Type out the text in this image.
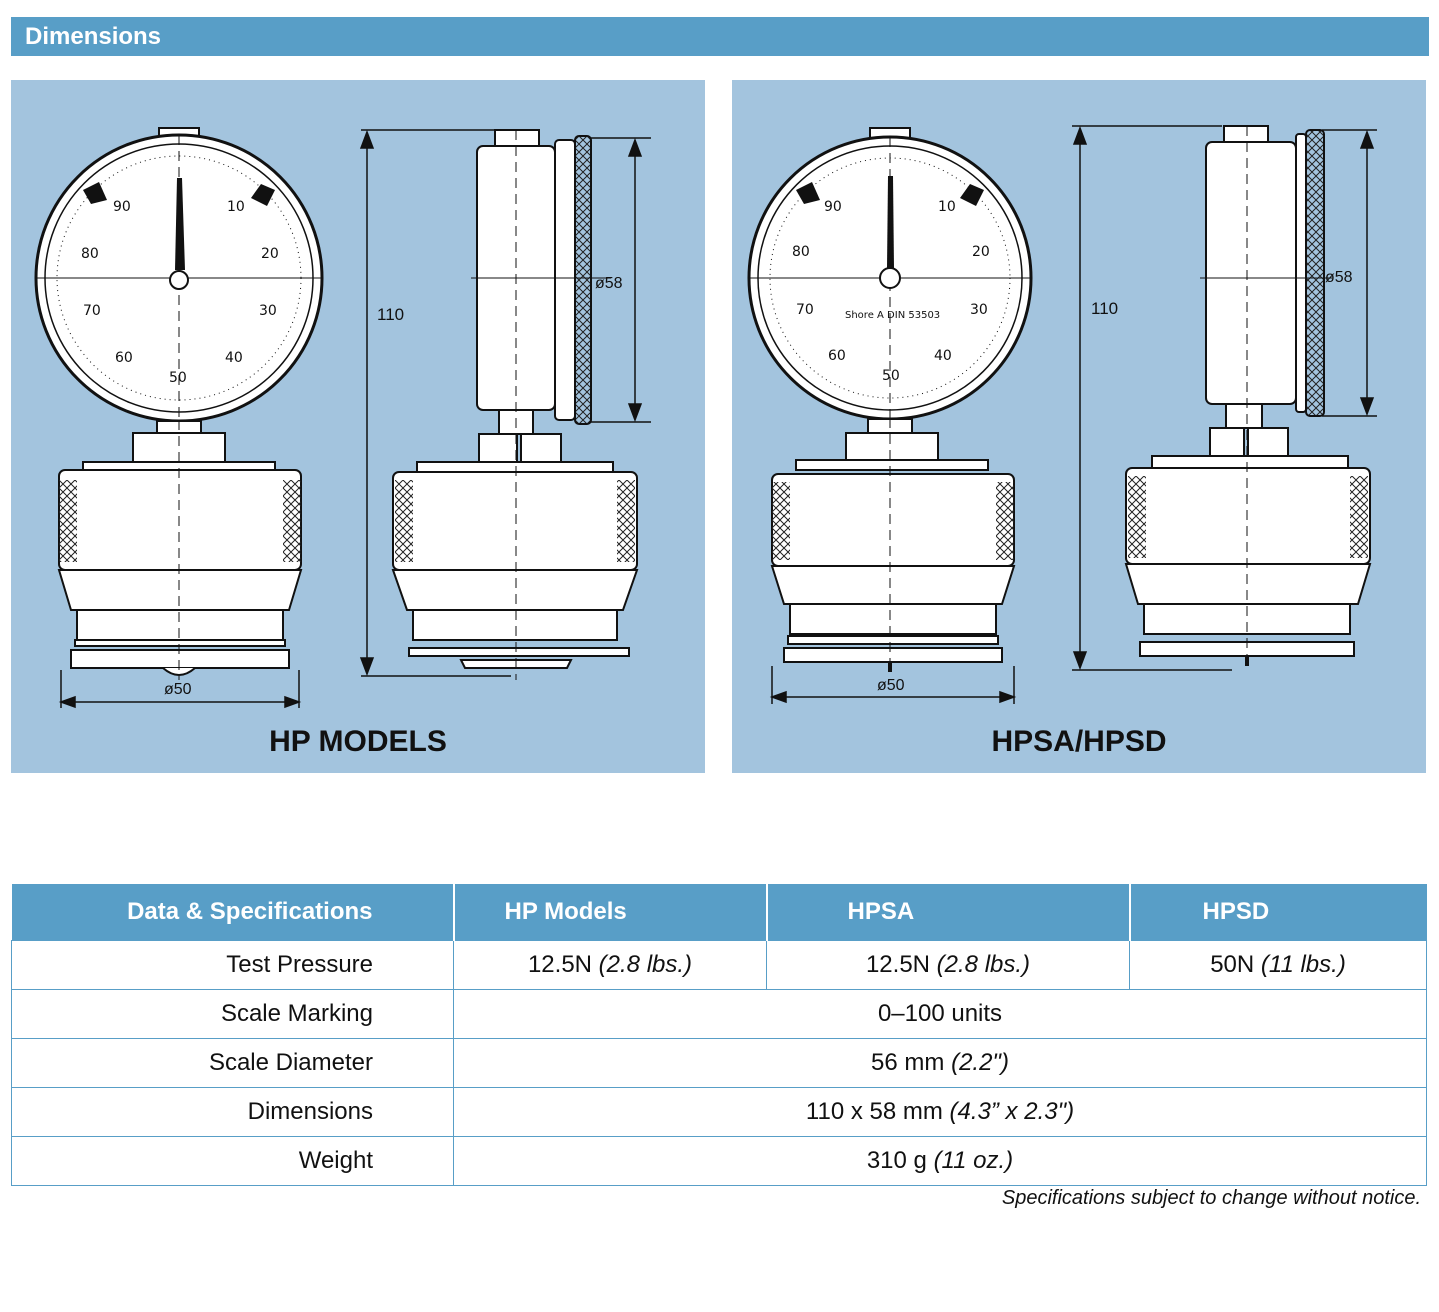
Dimensions
10
20
30
40
50
60
70
80
90
ø50
110
ø58
HP MODELS
10
20
30
40
50
60
70
80
90
Shore A DIN 53503
ø50
110
ø58
HPSA/HPSD
Data & Specifications	HP Models	HPSA	HPSD
Test Pressure	12.5N (2.8 lbs.)	12.5N (2.8 lbs.)	50N (11 lbs.)
Scale Marking	0–100 units		
Scale Diameter	56 mm (2.2")		
Dimensions	110 x 58 mm (4.3” x 2.3")		
Weight	310 g (11 oz.)		
Specifications subject to change without notice.
